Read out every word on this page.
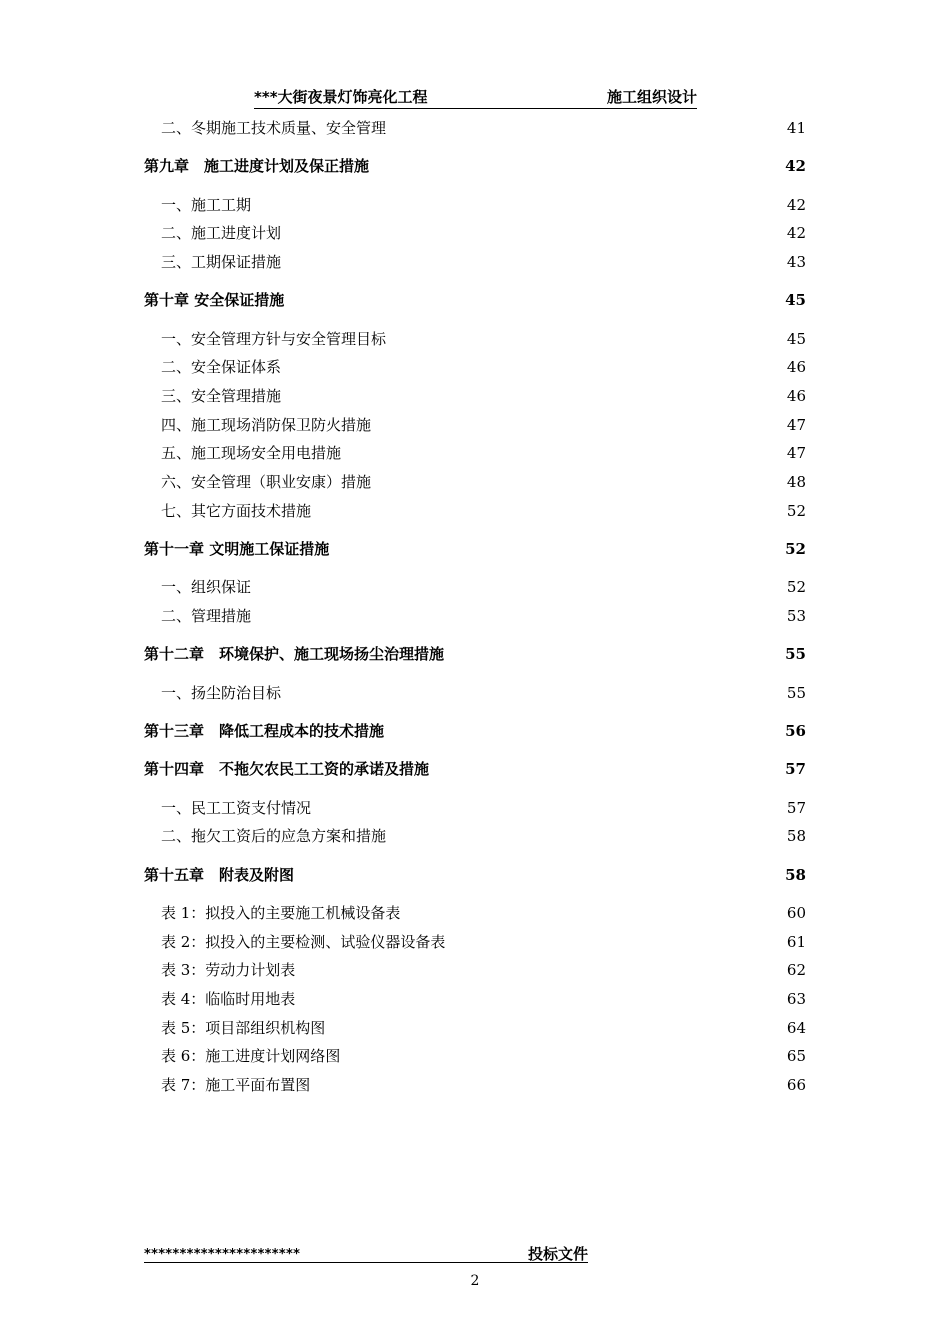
***大街夜景灯饰亮化工程	施工组织设计
二、冬期施工技术质量、安全管理	41
第九章　施工进度计划及保正措施	42
一、施工工期	42
二、施工进度计划	42
三、工期保证措施	43
第十章 安全保证措施	45
一、安全管理方针与安全管理目标	45
二、安全保证体系	46
三、安全管理措施	46
四、施工现场消防保卫防火措施	47
五、施工现场安全用电措施	47
六、安全管理（职业安康）措施	48
七、其它方面技术措施	52
第十一章 文明施工保证措施	52
一、组织保证	52
二、管理措施	53
第十二章　环境保护、施工现场扬尘治理措施	55
一、扬尘防治目标	55
第十三章　降低工程成本的技术措施	56
第十四章　不拖欠农民工工资的承诺及措施	57
一、民工工资支付情况	57
二、拖欠工资后的应急方案和措施	58
第十五章　附表及附图	58
表 1：拟投入的主要施工机械设备表	60
表 2：拟投入的主要检测、试验仪器设备表	61
表 3：劳动力计划表	62
表 4：临临时用地表	63
表 5：项目部组织机构图	64
表 6：施工进度计划网络图	65
表 7：施工平面布置图	66
**********************	投标文件
2
